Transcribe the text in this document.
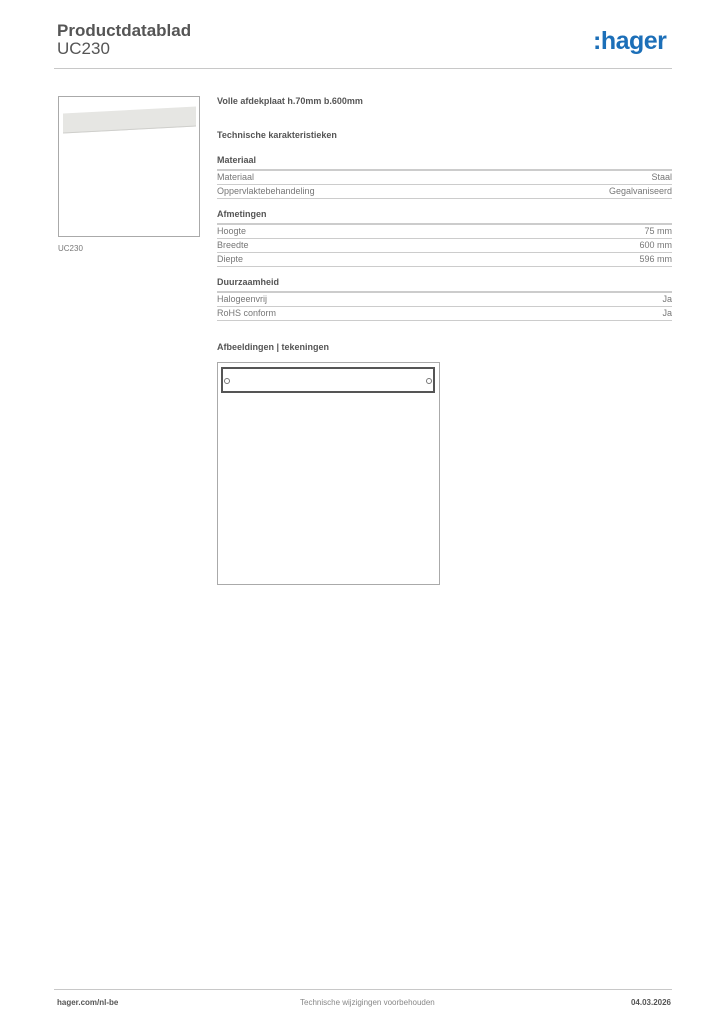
Productdatablad
UC230	:hager
UC230
Volle afdekplaat h.70mm b.600mm
Technische karakteristieken
Materiaal
Materiaal	Staal
Oppervlaktebehandeling	Gegalvaniseerd
Afmetingen
Hoogte	75 mm
Breedte	600 mm
Diepte	596 mm
Duurzaamheid
Halogeenvrij	Ja
RoHS conform	Ja
Afbeeldingen | tekeningen
hager.com/nl-be	Technische wijzigingen voorbehouden	04.03.2026
